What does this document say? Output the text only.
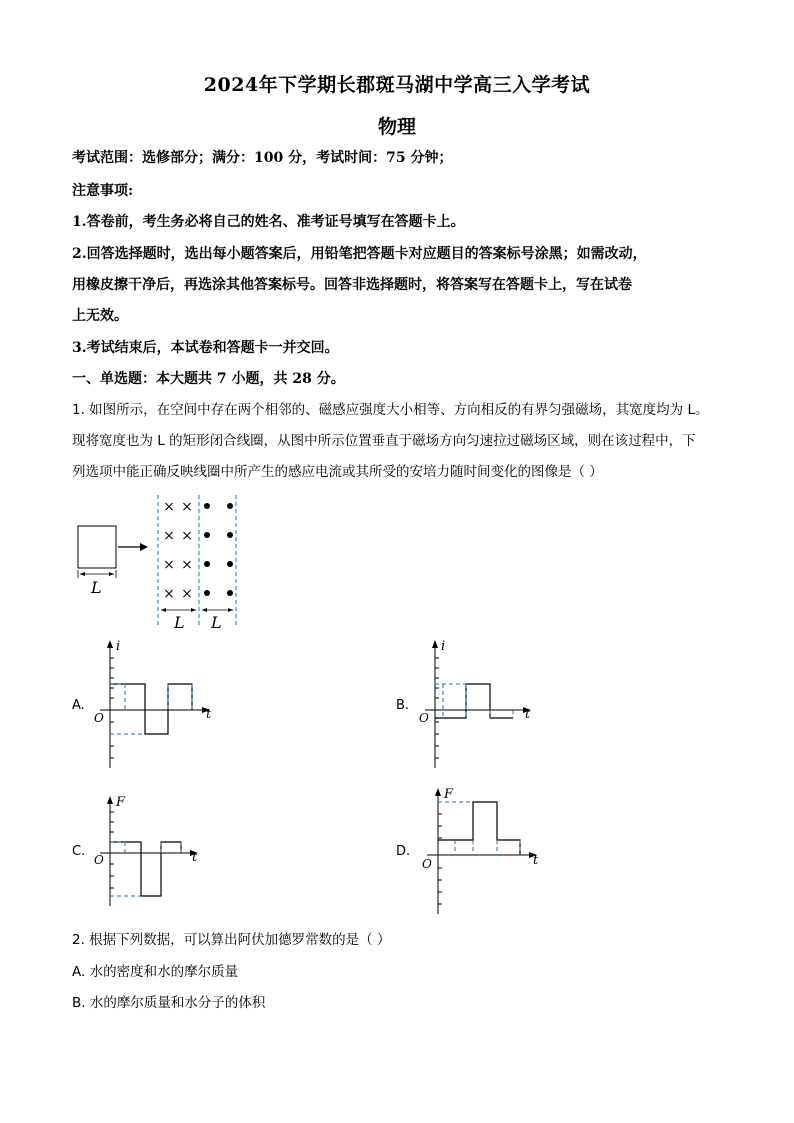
2024年下学期长郡斑马湖中学高三入学考试
物理
考试范围：选修部分；满分：100 分，考试时间：75 分钟；
注意事项:
1.答卷前，考生务必将自己的姓名、准考证号填写在答题卡上。
2.回答选择题时，选出每小题答案后，用铅笔把答题卡对应题目的答案标号涂黑；如需改动，
用橡皮擦干净后，再选涂其他答案标号。回答非选择题时，将答案写在答题卡上，写在试卷
上无效。
3.考试结束后，本试卷和答题卡一并交回。
一、单选题：本大题共 7 小题，共 28 分。
1. 如图所示，在空间中存在两个相邻的、磁感应强度大小相等、方向相反的有界匀强磁场，其宽度均为 L。
现将宽度也为 L 的矩形闭合线圈，从图中所示位置垂直于磁场方向匀速拉过磁场区域，则在该过程中，下
列选项中能正确反映线圈中所产生的感应电流或其所受的安培力随时间变化的图像是（ ）
L
× ×
× ×
× ×
× ×
L L
A.
i
t
O
B.
i
t
O
C.
F
t
O
D.
F
t
O
2. 根据下列数据，可以算出阿伏加德罗常数的是（ ）
A. 水的密度和水的摩尔质量
B. 水的摩尔质量和水分子的体积
